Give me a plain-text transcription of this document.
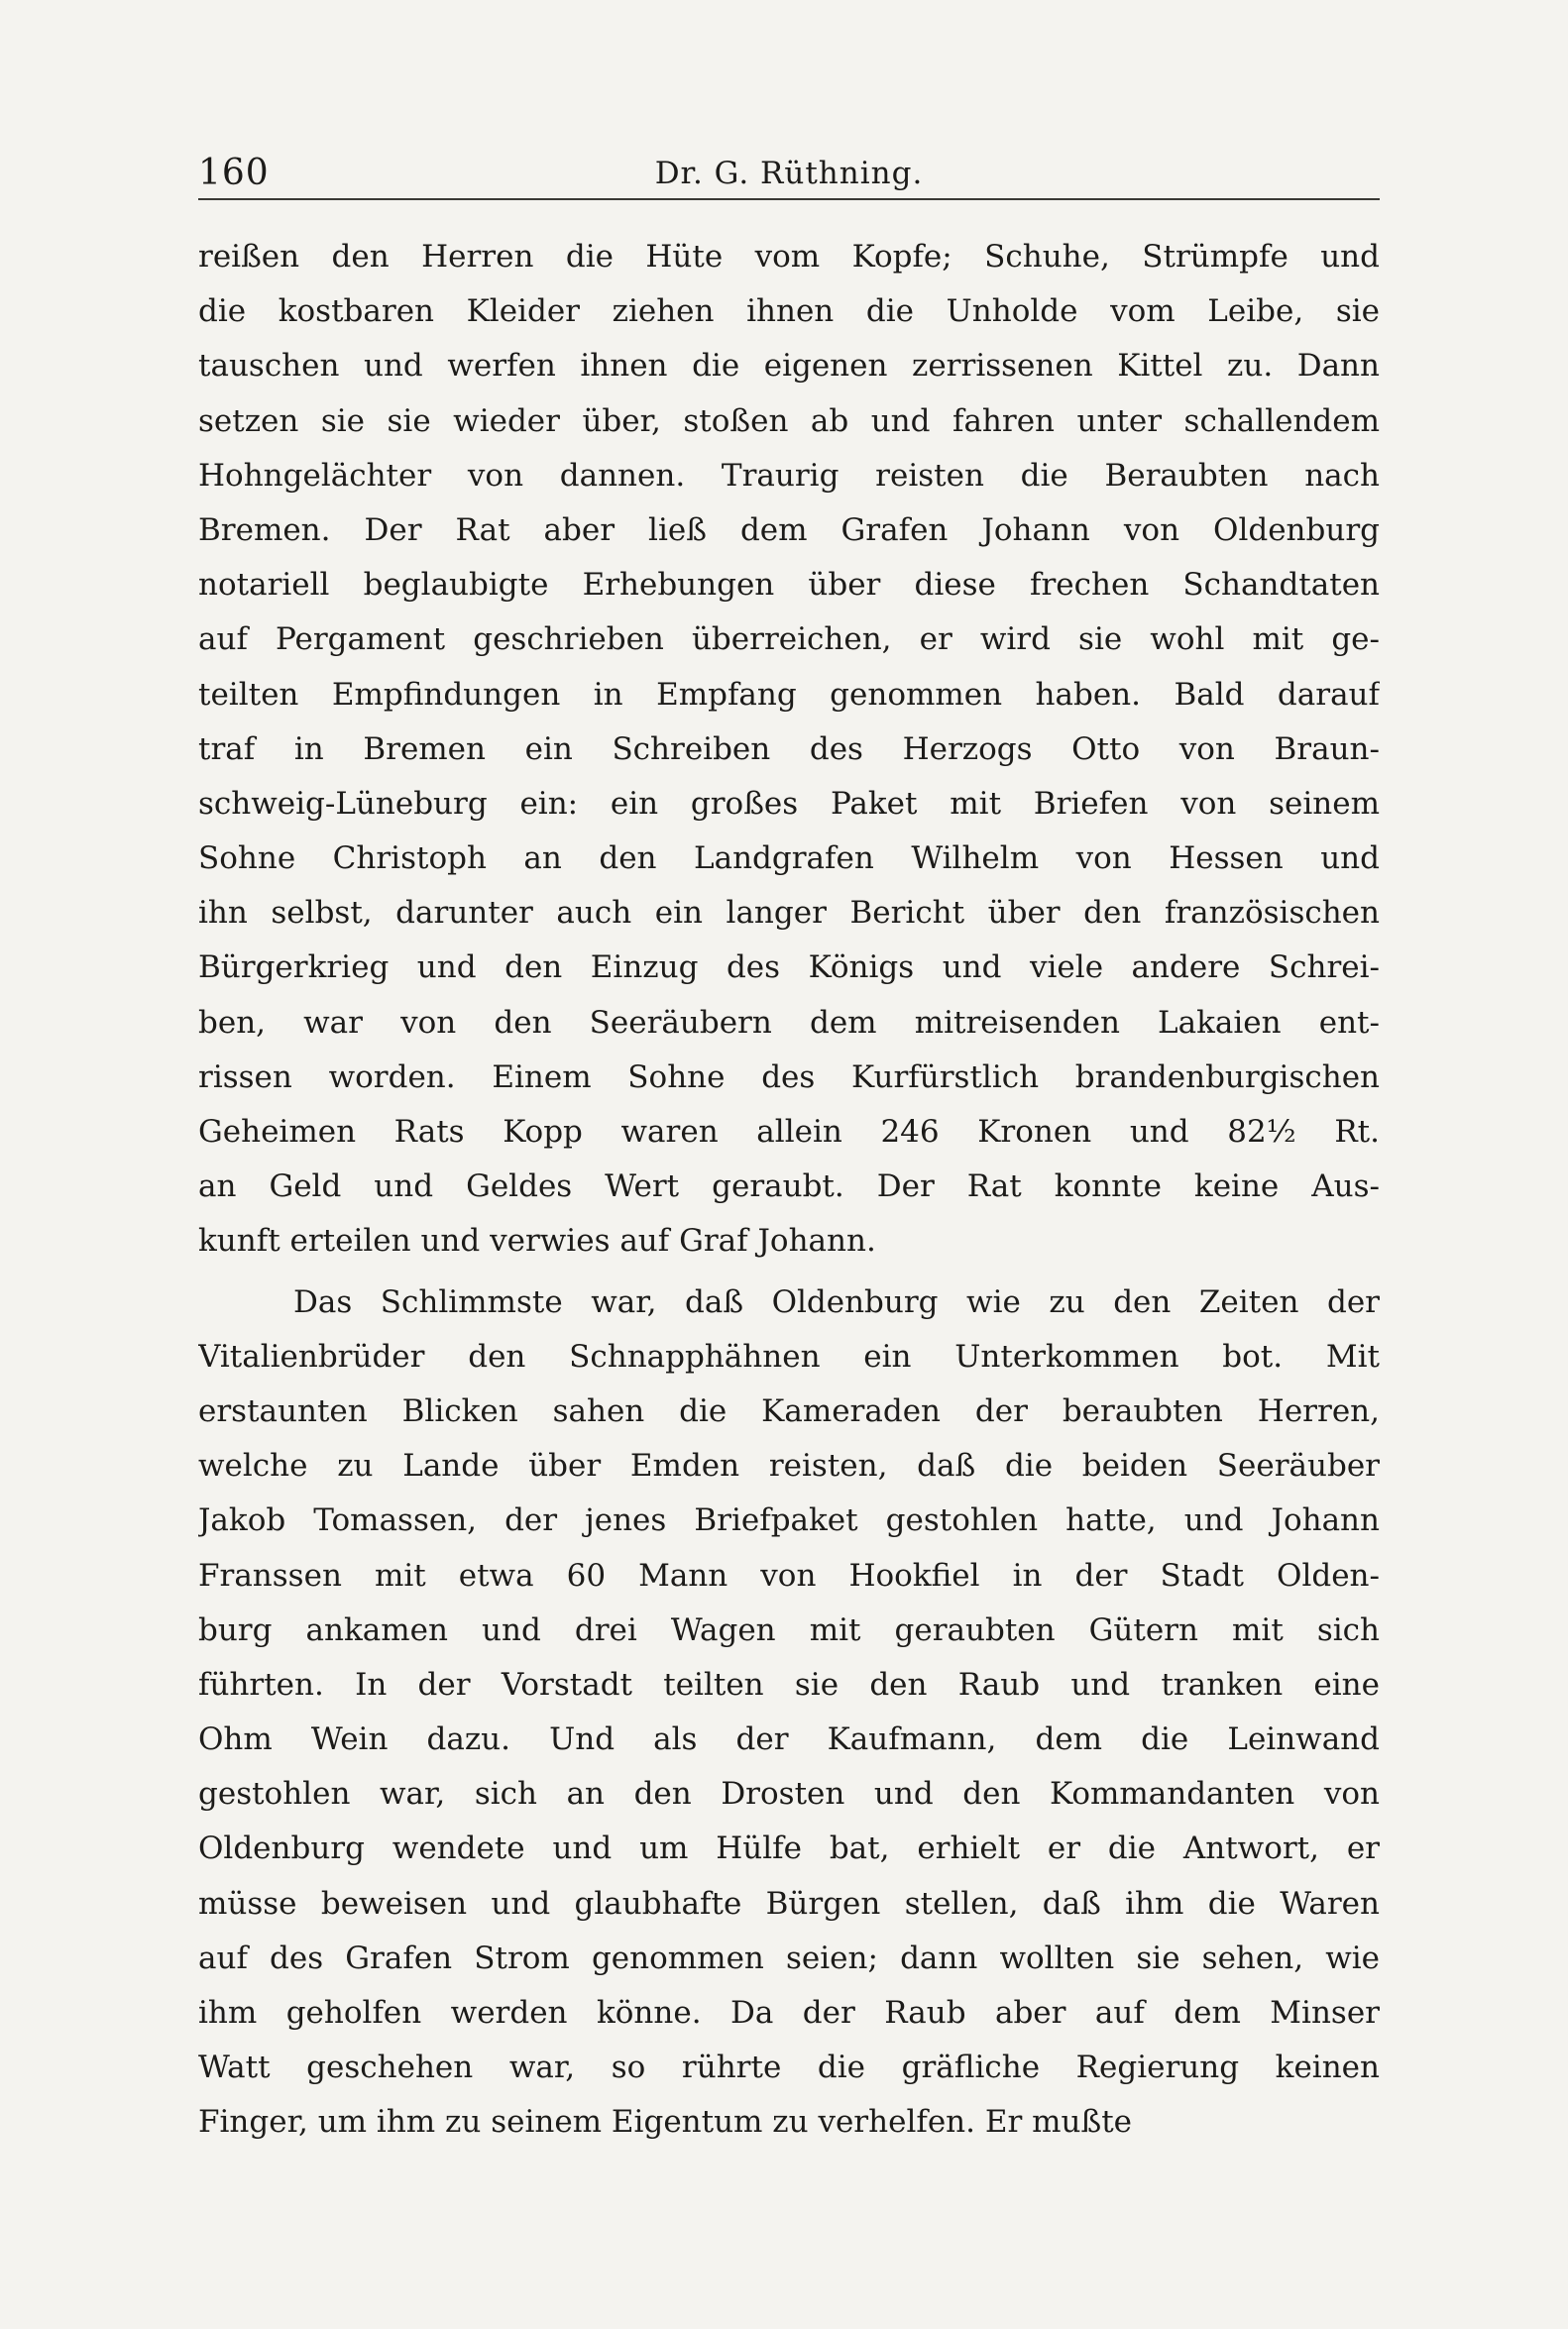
Dr. G. Rüthning.
160
reißen den Herren die Hüte vom Kopfe; Schuhe, Strümpfe und
die kostbaren Kleider ziehen ihnen die Unholde vom Leibe, sie
tauschen und werfen ihnen die eigenen zerrissenen Kittel zu. Dann
setzen sie sie wieder über, stoßen ab und fahren unter schallendem
Hohngelächter von dannen. Traurig reisten die Beraubten nach
Bremen. Der Rat aber ließ dem Grafen Johann von Oldenburg
notariell beglaubigte Erhebungen über diese frechen Schandtaten
auf Pergament geschrieben überreichen, er wird sie wohl mit ge-
teilten Empfindungen in Empfang genommen haben. Bald darauf
traf in Bremen ein Schreiben des Herzogs Otto von Braun-
schweig-Lüneburg ein: ein großes Paket mit Briefen von seinem
Sohne Christoph an den Landgrafen Wilhelm von Hessen und
ihn selbst, darunter auch ein langer Bericht über den französischen
Bürgerkrieg und den Einzug des Königs und viele andere Schrei-
ben, war von den Seeräubern dem mitreisenden Lakaien ent-
rissen worden. Einem Sohne des Kurfürstlich brandenburgischen
Geheimen Rats Kopp waren allein 246 Kronen und 82½ Rt.
an Geld und Geldes Wert geraubt. Der Rat konnte keine Aus-
kunft erteilen und verwies auf Graf Johann.
Das Schlimmste war, daß Oldenburg wie zu den Zeiten der
Vitalienbrüder den Schnapphähnen ein Unterkommen bot. Mit
erstaunten Blicken sahen die Kameraden der beraubten Herren,
welche zu Lande über Emden reisten, daß die beiden Seeräuber
Jakob Tomassen, der jenes Briefpaket gestohlen hatte, und Johann
Franssen mit etwa 60 Mann von Hookfiel in der Stadt Olden-
burg ankamen und drei Wagen mit geraubten Gütern mit sich
führten. In der Vorstadt teilten sie den Raub und tranken eine
Ohm Wein dazu. Und als der Kaufmann, dem die Leinwand
gestohlen war, sich an den Drosten und den Kommandanten von
Oldenburg wendete und um Hülfe bat, erhielt er die Antwort, er
müsse beweisen und glaubhafte Bürgen stellen, daß ihm die Waren
auf des Grafen Strom genommen seien; dann wollten sie sehen, wie
ihm geholfen werden könne. Da der Raub aber auf dem Minser
Watt geschehen war, so rührte die gräfliche Regierung keinen
Finger, um ihm zu seinem Eigentum zu verhelfen. Er mußte
